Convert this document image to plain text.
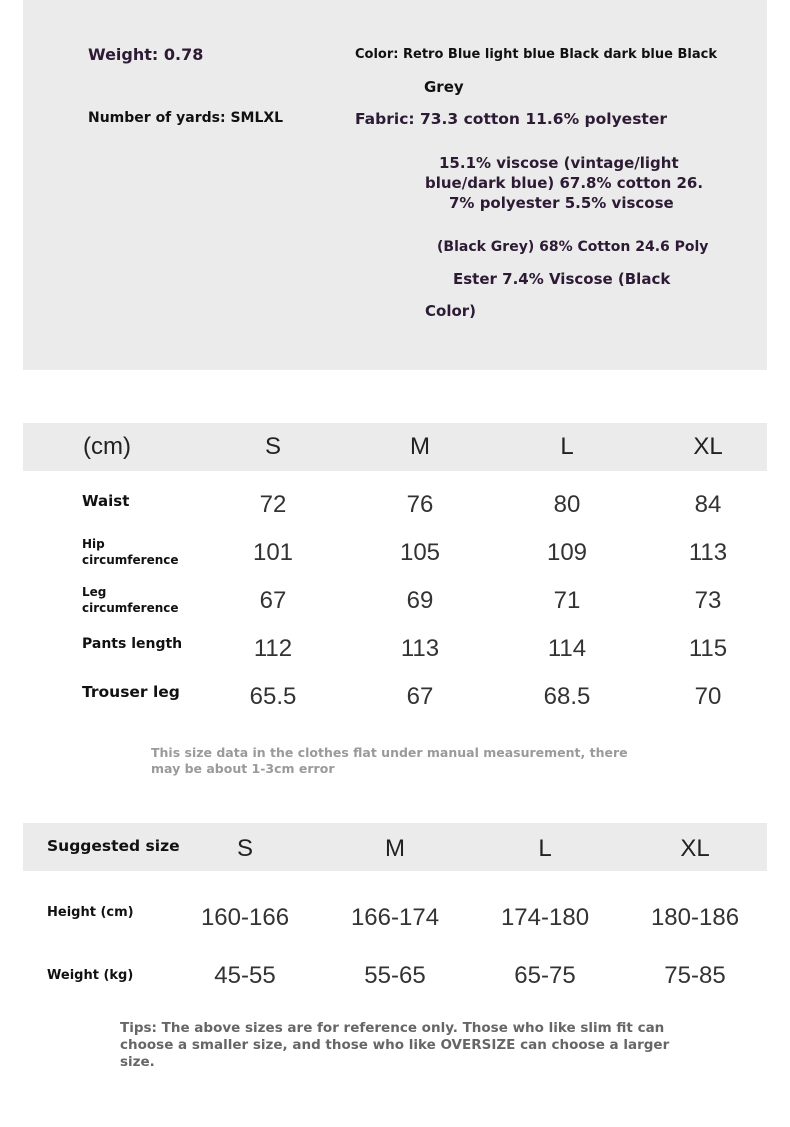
Weight: 0.78
Number of yards: SMLXL
Color: Retro Blue light blue Black dark blue Black
Grey
Fabric: 73.3 cotton 11.6% polyester
15.1% viscose (vintage/light
blue/dark blue) 67.8% cotton 26.
7% polyester 5.5% viscose
(Black Grey) 68% Cotton 24.6 Poly
Ester 7.4% Viscose (Black
Color)
(cm)	S	M	L	XL
Waist	72	76	80	84
Hip circumference	101	105	109	113
Leg circumference	67	69	71	73
Pants length	112	113	114	115
Trouser leg	65.5	67	68.5	70
This size data in the clothes flat under manual measurement, there may be about 1-3cm error
Suggested size S	M	L	XL
Height (cm)	160-166	166-174	174-180	180-186
Weight (kg)	45-55	55-65	65-75	75-85
Tips: The above sizes are for reference only. Those who like slim fit can choose a smaller size, and those who like OVERSIZE can choose a larger size.
